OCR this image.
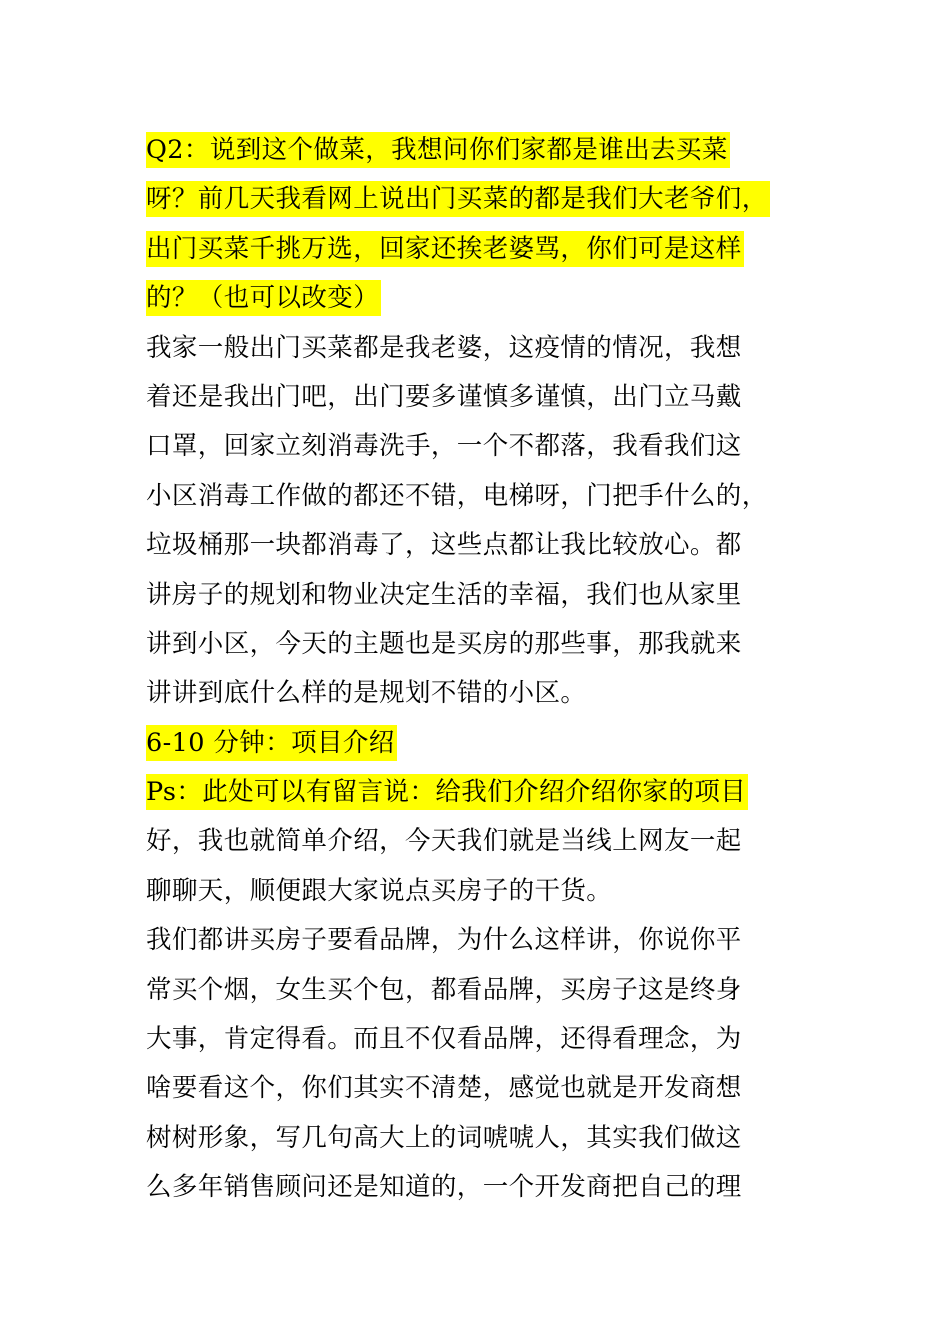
Q2：说到这个做菜，我想问你们家都是谁出去买菜
呀？前几天我看网上说出门买菜的都是我们大老爷们，
出门买菜千挑万选，回家还挨老婆骂，你们可是这样
的？（也可以改变）
我家一般出门买菜都是我老婆，这疫情的情况，我想
着还是我出门吧，出门要多谨慎多谨慎，出门立马戴
口罩，回家立刻消毒洗手，一个不都落，我看我们这
小区消毒工作做的都还不错，电梯呀，门把手什么的，
垃圾桶那一块都消毒了，这些点都让我比较放心。都
讲房子的规划和物业决定生活的幸福，我们也从家里
讲到小区，今天的主题也是买房的那些事，那我就来
讲讲到底什么样的是规划不错的小区。
6-10 分钟：项目介绍
Ps：此处可以有留言说：给我们介绍介绍你家的项目
好，我也就简单介绍，今天我们就是当线上网友一起
聊聊天，顺便跟大家说点买房子的干货。
我们都讲买房子要看品牌，为什么这样讲，你说你平
常买个烟，女生买个包，都看品牌，买房子这是终身
大事，肯定得看。而且不仅看品牌，还得看理念，为
啥要看这个，你们其实不清楚，感觉也就是开发商想
树树形象，写几句高大上的词唬唬人，其实我们做这
么多年销售顾问还是知道的，一个开发商把自己的理
